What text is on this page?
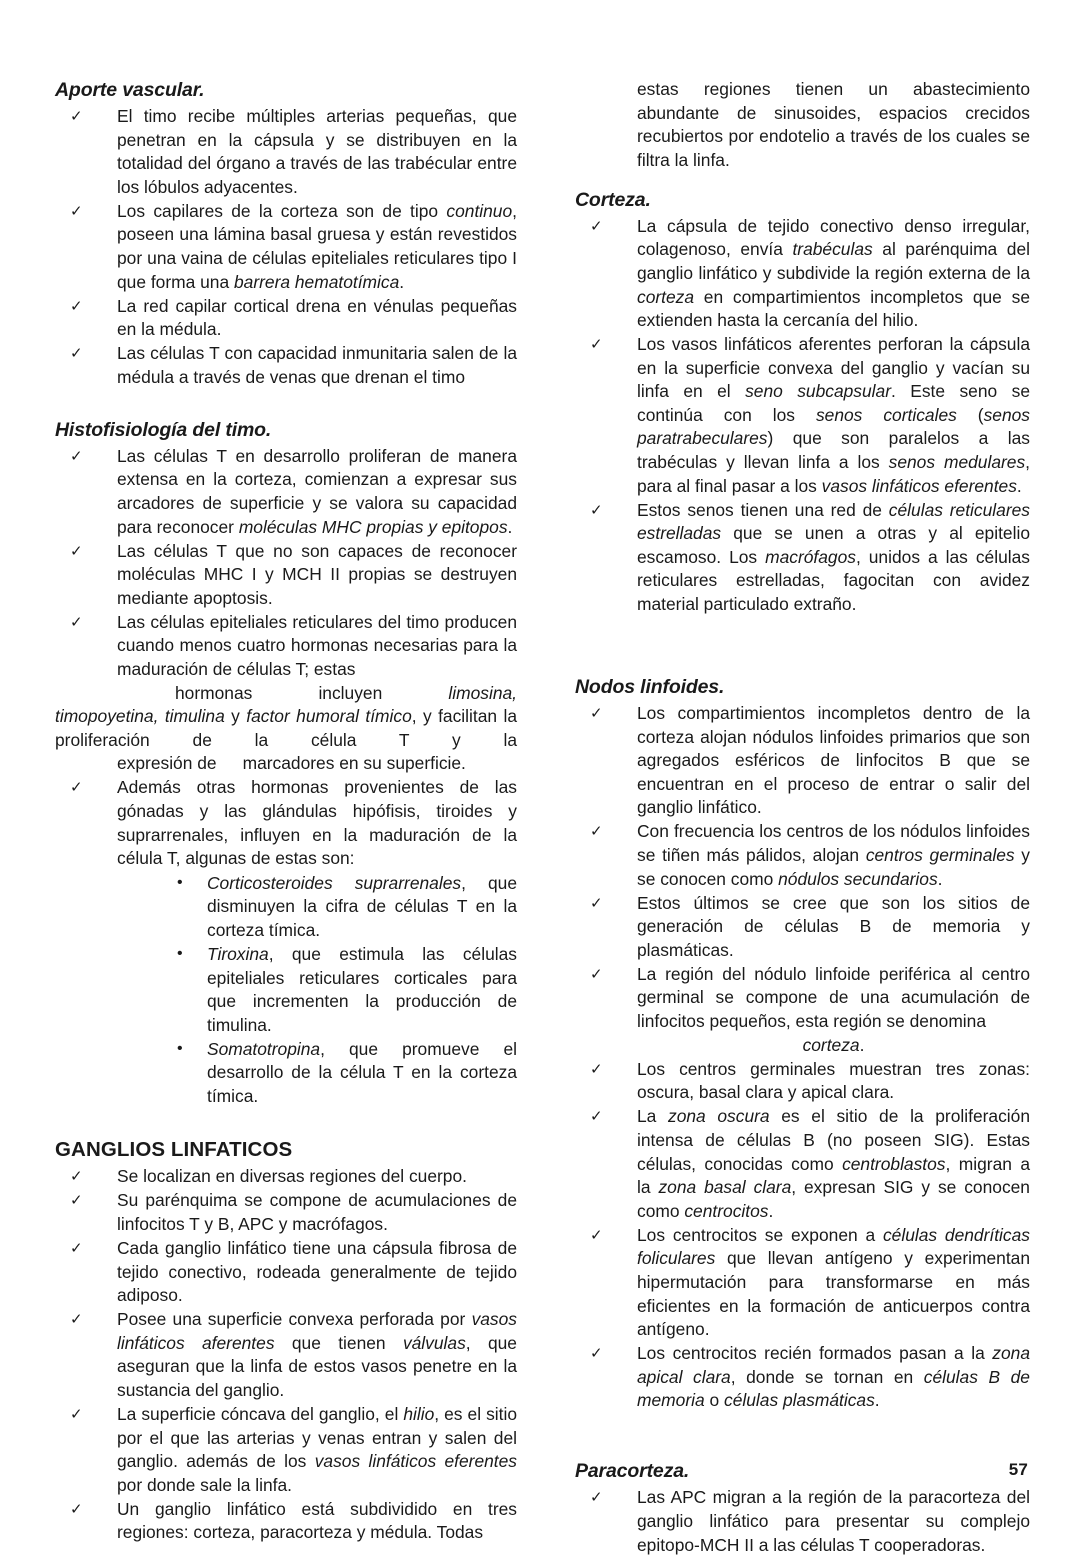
Aporte vascular.
✓ El timo recibe múltiples arterias pequeñas, que penetran en la cápsula y se distribuyen en la totalidad del órgano a través de las trabécular entre los lóbulos adyacentes.
✓ Los capilares de la corteza son de tipo continuo, poseen una lámina basal gruesa y están revestidos por una vaina de células epiteliales reticulares tipo I que forma una barrera hematotímica.
✓ La red capilar cortical drena en vénulas pequeñas en la médula.
✓ Las células T con capacidad inmunitaria salen de la médula a través de venas que drenan el timo
Histofisiología del timo.
✓ Las células T en desarrollo proliferan de manera extensa en la corteza, comienzan a expresar sus arcadores de superficie y se valora su capacidad para reconocer moléculas MHC propias y epitopos.
✓ Las células T que no son capaces de reconocer moléculas MHC I y MCH II propias se destruyen mediante apoptosis.
✓ Las células epiteliales reticulares del timo producen cuando menos cuatro hormonas necesarias para la maduración de células T; estas
hormonas incluyen limosina,
timopoyetina, timulina y factor humoral tímico, y facilitan la proliferación de la célula T y la
expresión de marcadores en su superficie.
✓ Además otras hormonas provenientes de las gónadas y las glándulas hipófisis, tiroides y suprarrenales, influyen en la maduración de la célula T, algunas de estas son:
• Corticosteroides suprarrenales, que disminuyen la cifra de células T en la corteza tímica.
• Tiroxina, que estimula las células epiteliales reticulares corticales para que incrementen la producción de timulina.
• Somatotropina, que promueve el desarrollo de la célula T en la corteza tímica.
GANGLIOS LINFATICOS
✓ Se localizan en diversas regiones del cuerpo.
✓ Su parénquima se compone de acumulaciones de linfocitos T y B, APC y macrófagos.
✓ Cada ganglio linfático tiene una cápsula fibrosa de tejido conectivo, rodeada generalmente de tejido adiposo.
✓ Posee una superficie convexa perforada por vasos linfáticos aferentes que tienen válvulas, que aseguran que la linfa de estos vasos penetre en la sustancia del ganglio.
✓ La superficie cóncava del ganglio, el hilio, es el sitio por el que las arterias y venas entran y salen del ganglio. además de los vasos linfáticos eferentes por donde sale la linfa.
✓ Un ganglio linfático está subdividido en tres regiones: corteza, paracorteza y médula. Todas
estas regiones tienen un abastecimiento abundante de sinusoides, espacios crecidos recubiertos por endotelio a través de los cuales se filtra la linfa.
Corteza.
✓ La cápsula de tejido conectivo denso irregular, colagenoso, envía trabéculas al parénquima del ganglio linfático y subdivide la región externa de la corteza en compartimientos incompletos que se extienden hasta la cercanía del hilio.
✓ Los vasos linfáticos aferentes perforan la cápsula en la superficie convexa del ganglio y vacían su linfa en el seno subcapsular. Este seno se continúa con los senos corticales (senos paratrabeculares) que son paralelos a las trabéculas y llevan linfa a los senos medulares, para al final pasar a los vasos linfáticos eferentes.
✓ Estos senos tienen una red de células reticulares estrelladas que se unen a otras y al epitelio escamoso. Los macrófagos, unidos a las células reticulares estrelladas, fagocitan con avidez material particulado extraño.
Nodos linfoides.
✓ Los compartimientos incompletos dentro de la corteza alojan nódulos linfoides primarios que son agregados esféricos de linfocitos B que se encuentran en el proceso de entrar o salir del ganglio linfático.
✓ Con frecuencia los centros de los nódulos linfoides se tiñen más pálidos, alojan centros germinales y se conocen como nódulos secundarios.
✓ Estos últimos se cree que son los sitios de generación de células B de memoria y plasmáticas.
✓ La región del nódulo linfoide periférica al centro germinal se compone de una acumulación de linfocitos pequeños, esta región se denomina
corteza.
✓ Los centros germinales muestran tres zonas: oscura, basal clara y apical clara.
✓ La zona oscura es el sitio de la proliferación intensa de células B (no poseen SIG). Estas células, conocidas como centroblastos, migran a la zona basal clara, expresan SIG y se conocen como centrocitos.
✓ Los centrocitos se exponen a células dendríticas foliculares que llevan antígeno y experimentan hipermutación para transformarse en más eficientes en la formación de anticuerpos contra antígeno.
✓ Los centrocitos recién formados pasan a la zona apical clara, donde se tornan en células B de memoria o células plasmáticas.
Paracorteza.
✓ Las APC migran a la región de la paracorteza del ganglio linfático para presentar su complejo epitopo-MCH II a las células T cooperadoras.
57
